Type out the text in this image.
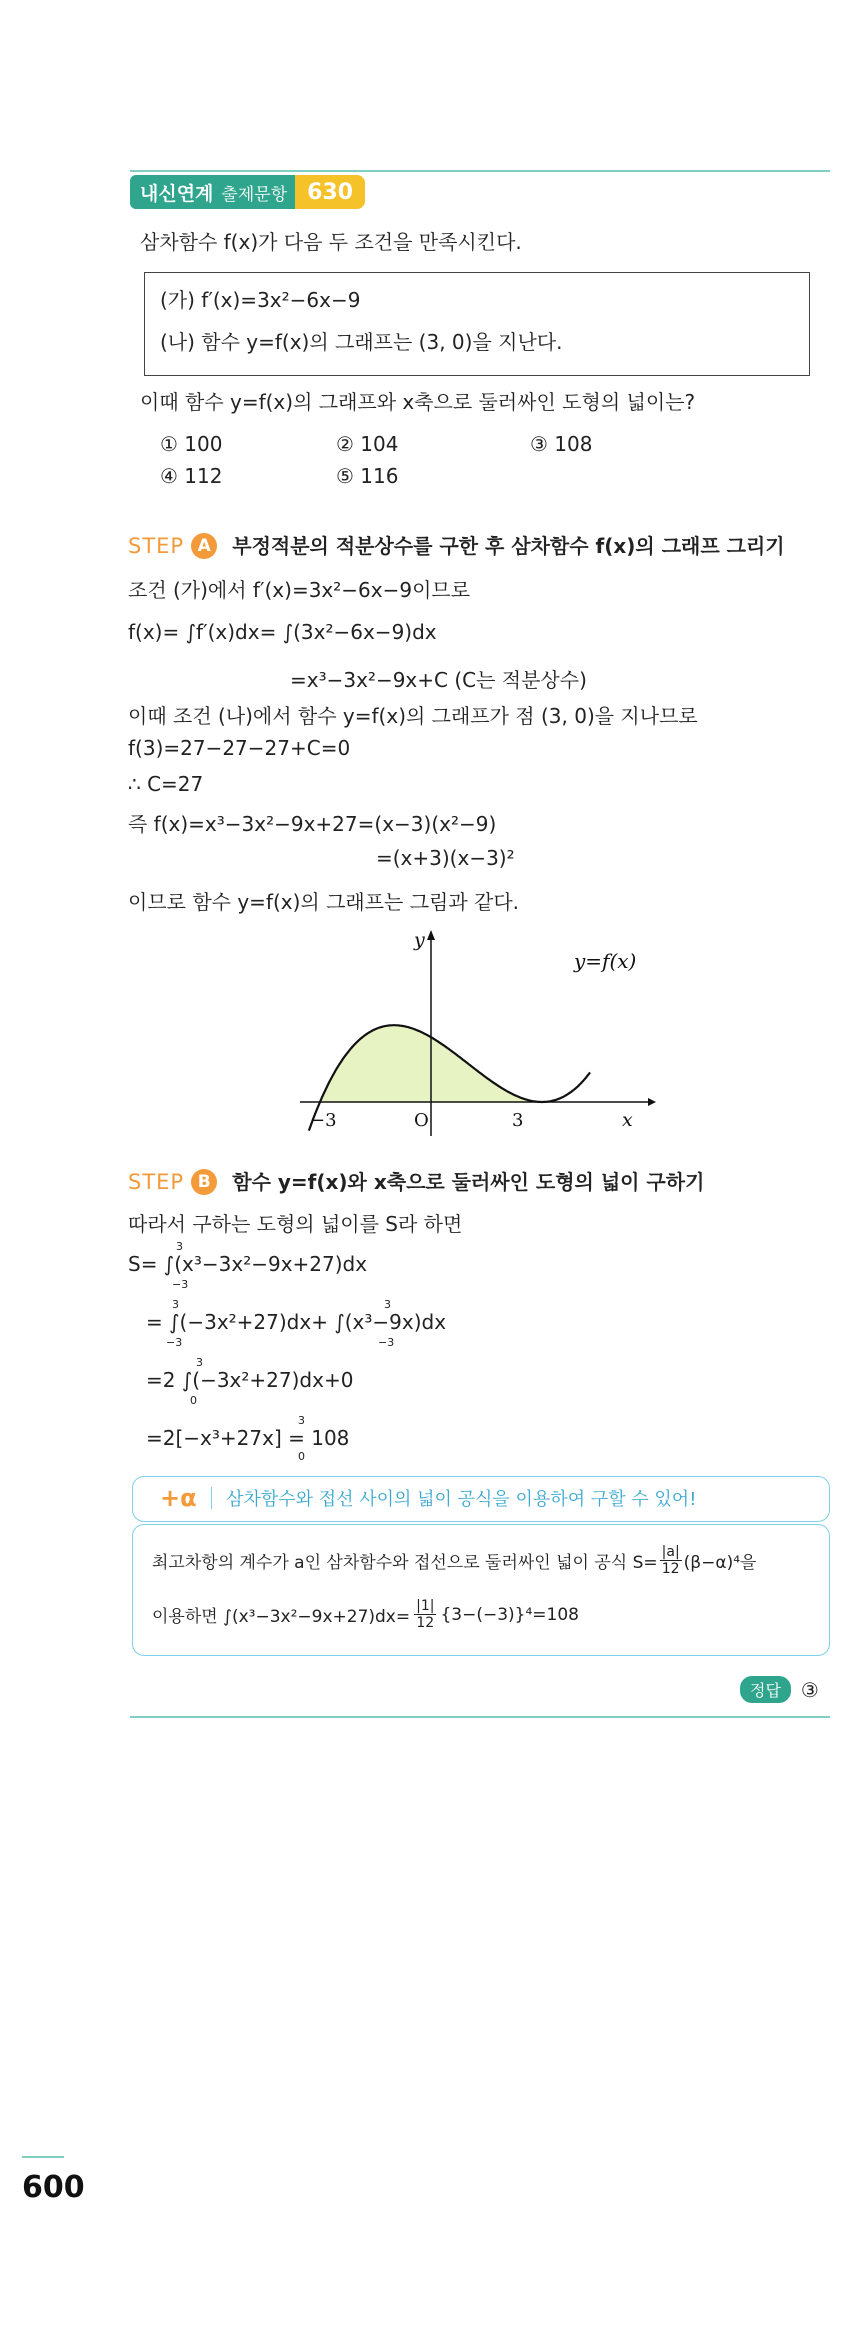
내신연계 출제문항 630
삼차함수 f(x)가 다음 두 조건을 만족시킨다.
(가) f′(x)=3x²−6x−9
(나) 함수 y=f(x)의 그래프는 (3, 0)을 지난다.
이때 함수 y=f(x)의 그래프와 x축으로 둘러싸인 도형의 넓이는?
① 100	② 104	③ 108
④ 112	⑤ 116
STEP A 부정적분의 적분상수를 구한 후 삼차함수 f(x)의 그래프 그리기
조건 (가)에서 f′(x)=3x²−6x−9이므로
f(x)= ∫f′(x)dx= ∫(3x²−6x−9)dx
=x³−3x²−9x+C (C는 적분상수)
이때 조건 (나)에서 함수 y=f(x)의 그래프가 점 (3, 0)을 지나므로
f(3)=27−27−27+C=0
∴ C=27
즉 f(x)=x³−3x²−9x+27=(x−3)(x²−9)
=(x+3)(x−3)²
이므로 함수 y=f(x)의 그래프는 그림과 같다.
y=f(x)
y
x
O
−3	3
STEP B 함수 y=f(x)와 x축으로 둘러싸인 도형의 넓이 구하기
따라서 구하는 도형의 넓이를 S라 하면
S= ∫(x³−3x²−9x+27)dx
3
−3
= ∫(−3x²+27)dx+ ∫(x³−9x)dx
3
−3
3
−3
=2 ∫(−3x²+27)dx+0
3
0
=2[−x³+27x] = 108
3
0
+α 삼차함수와 접선 사이의 넓이 공식을 이용하여 구할 수 있어!
최고차항의 계수가 a인 삼차함수와 접선으로 둘러싸인 넓이 공식 $S= \frac{|a|}{12} (\beta-\alpha)^4$을
이용하면 $\int(x^3-3x^2-9x+27)dx= \frac{|1|}{12} \{3-(-3)\}^4=108$
정답	③
600
